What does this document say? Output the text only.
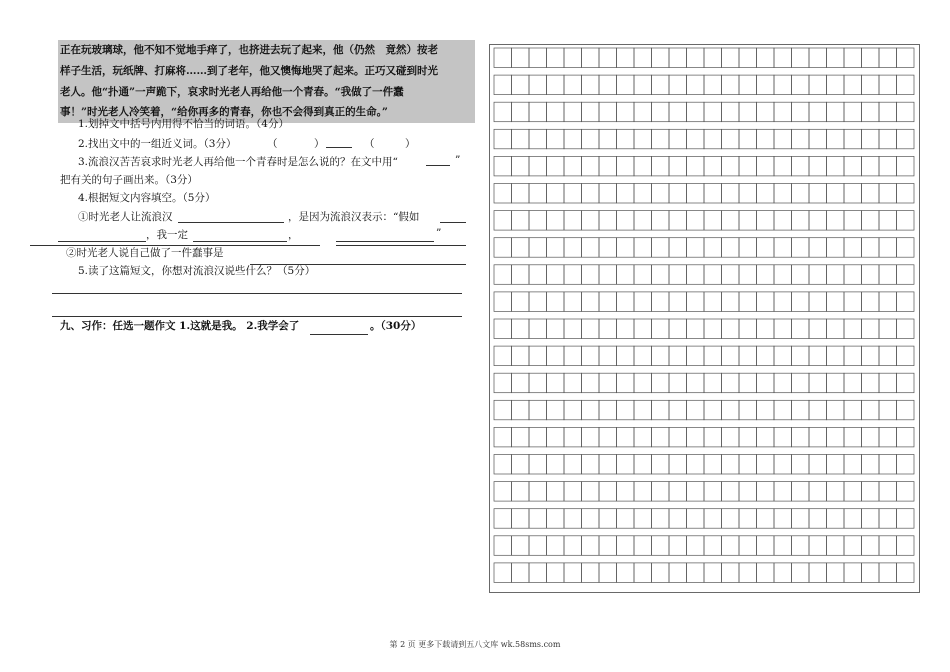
正在玩玻璃球，他不知不觉地手痒了，也挤进去玩了起来，他（仍然　竟然）按老
样子生活，玩纸牌、打麻将……到了老年，他又懊悔地哭了起来。正巧又碰到时光
老人。他“扑通”一声跪下，哀求时光老人再给他一个青春。“我做了一件蠢
事！”时光老人冷笑着，“给你再多的青春，你也不会得到真正的生命。”
1.划掉文中括号内用得不恰当的词语。（4分）
2.找出文中的一组近义词。（3分）	（	）	（	）
3.流浪汉苦苦哀求时光老人再给他一个青春时是怎么说的？在文中用“	”
把有关的句子画出来。（3分）
4.根据短文内容填空。（5分）
①时光老人让流浪汉	，是因为流浪汉表示：“假如
，我一定	，	”
②时光老人说自己做了一件蠢事是
5.读了这篇短文，你想对流浪汉说些什么？（5分）
九、习作：任选一题作文 1.这就是我。 2.我学会了	。（30分）
第 2 页 更多下载请到五八文库 wk.58sms.com
